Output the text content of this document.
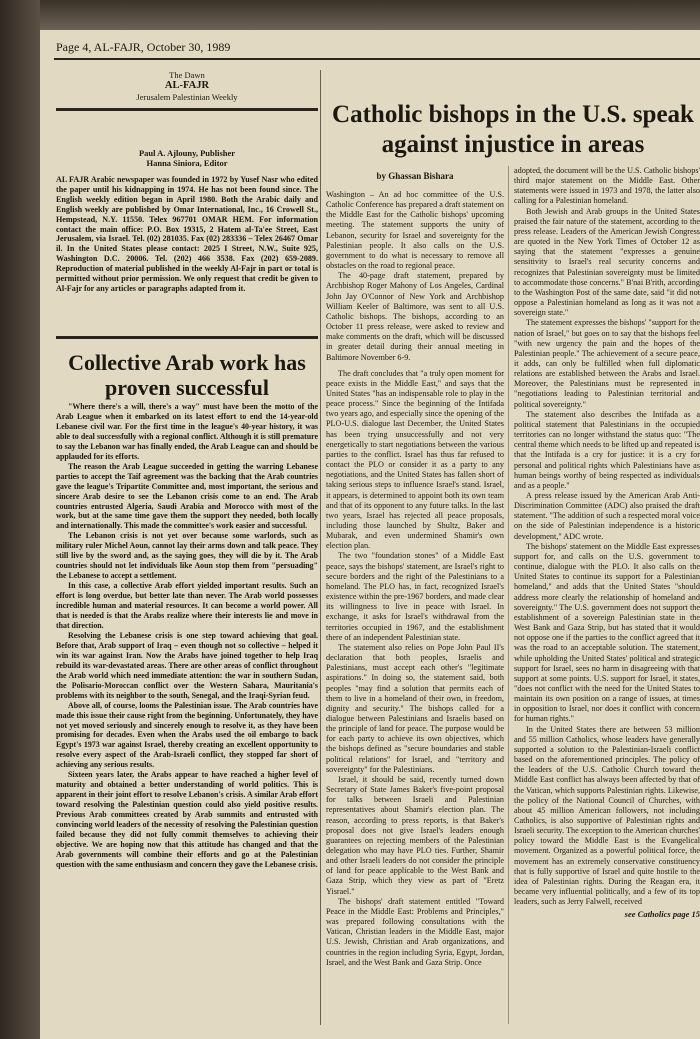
Page 4, AL-FAJR, October 30, 1989
The Dawn
AL-FAJR
Jerusalem Palestinian Weekly
Paul A. Ajlouny, Publisher
Hanna Siniora, Editor
AL FAJR Arabic newspaper was founded in 1972 by Yusef Nasr who edited the paper until his kidnapping in 1974. He has not been found since. The English weekly edition began in April 1980. Both the Arabic daily and English weekly are published by Omar International, Inc., 16 Crowell St., Hempstead, N.Y. 11550. Telex 967701 OMAR HEM. For information contact the main office: P.O. Box 19315, 2 Hatem al-Ta'ee Street, East Jerusalem, via Israel. Tel. (02) 281035. Fax (02) 283336 – Telex 26467 Omar il. In the United States please contact: 2025 I Street, N.W., Suite 925, Washington D.C. 20006. Tel. (202) 466 3538. Fax (202) 659-2089. Reproduction of material published in the weekly Al-Fajr in part or total is permitted without prior permission. We only request that credit be given to Al-Fajr for any articles or paragraphs adapted from it.
Collective Arab work has proven successful

"Where there's a will, there's a way" must have been the motto of the Arab League when it embarked on its latest effort to end the 14-year-old Lebanese civil war. For the first time in the league's 40-year history, it was able to deal successfully with a regional conflict. Although it is still premature to say the Lebanon war has finally ended, the Arab League can and should be applauded for its efforts.

The reason the Arab League succeeded in getting the warring Lebanese parties to accept the Taif agreement was the backing that the Arab countries gave the league's Tripartite Committee and, most important, the serious and sincere Arab desire to see the Lebanon crisis come to an end. The Arab countries entrusted Algeria, Saudi Arabia and Morocco with most of the work, but at the same time gave them the support they needed, both locally and internationally. This made the committee's work easier and successful.

The Lebanon crisis is not yet over because some warlords, such as military ruler Michel Aoun, cannot lay their arms down and talk peace. They still live by the sword and, as the saying goes, they will die by it. The Arab countries should not let individuals like Aoun stop them from "persuading" the Lebanese to accept a settlement.

In this case, a collective Arab effort yielded important results. Such an effort is long overdue, but better late than never. The Arab world possesses incredible human and material resources. It can become a world power. All that is needed is that the Arabs realize where their interests lie and move in that direction.

Resolving the Lebanese crisis is one step toward achieving that goal. Before that, Arab support of Iraq – even though not so collective – helped it win its war against Iran. Now the Arabs have joined together to help Iraq rebuild its war-devastated areas. There are other areas of conflict throughout the Arab world which need immediate attention: the war in southern Sudan, the Polisario-Moroccan conflict over the Western Sahara, Mauritania's problems with its neighbor to the south, Senegal, and the Iraqi-Syrian feud.

Above all, of course, looms the Palestinian issue. The Arab countries have made this issue their cause right from the beginning. Unfortunately, they have not yet moved seriously and sincerely enough to resolve it, as they have been promising for decades. Even when the Arabs used the oil embargo to back Egypt's 1973 war against Israel, thereby creating an excellent opportunity to resolve every aspect of the Arab-Israeli conflict, they stopped far short of achieving any serious results.

Sixteen years later, the Arabs appear to have reached a higher level of maturity and obtained a better understanding of world politics. This is apparent in their joint effort to resolve Lebanon's crisis. A similar Arab effort toward resolving the Palestinian question could also yield positive results. Previous Arab committees created by Arab summits and entrusted with convincing world leaders of the necessity of resolving the Palestinian question failed because they did not fully commit themselves to achieving their objective. We are hoping now that this attitude has changed and that the Arab governments will combine their efforts and go at the Palestinian question with the same enthusiasm and concern they gave the Lebanese crisis.

Catholic bishops in the U.S. speak against injustice in areas
by Ghassan Bishara

Washington – An ad hoc committee of the U.S. Catholic Conference has prepared a draft statement on the Middle East for the Catholic bishops' upcoming meeting. The statement supports the unity of Lebanon, security for Israel and sovereignty for the Palestinian people. It also calls on the U.S. government to do what is necessary to remove all obstacles on the road to regional peace.

The 40-page draft statement, prepared by Archbishop Roger Mahony of Los Angeles, Cardinal John Jay O'Connor of New York and Archbishop William Keeler of Baltimore, was sent to all U.S. Catholic bishops. The bishops, according to an October 11 press release, were asked to review and make comments on the draft, which will be discussed in greater detail during their annual meeting in Baltimore November 6-9.

The draft concludes that "a truly open moment for peace exists in the Middle East," and says that the United States "has an indispensable role to play in the peace process." Since the beginning of the Intifada two years ago, and especially since the opening of the PLO-U.S. dialogue last December, the United States has been trying unsuccessfully and not very energetically to start negotiations between the various parties to the conflict. Israel has thus far refused to contact the PLO or consider it as a party to any negotiations, and the United States has fallen short of taking serious steps to influence Israel's stand. Israel, it appears, is determined to appoint both its own team and that of its opponent to any future talks. In the last two years, Israel has rejected all peace proposals, including those launched by Shultz, Baker and Mubarak, and even undermined Shamir's own election plan.

The two "foundation stones" of a Middle East peace, says the bishops' statement, are Israel's right to secure borders and the right of the Palestinians to a homeland. The PLO has, in fact, recognized Israel's existence within the pre-1967 borders, and made clear its willingness to live in peace with Israel. In exchange, it asks for Israel's withdrawal from the territories occupied in 1967, and the establishment there of an independent Palestinian state.

The statement also relies on Pope John Paul II's declaration that both peoples, Israelis and Palestinians, must accept each other's "legitimate aspirations." In doing so, the statement said, both peoples "may find a solution that permits each of them to live in a homeland of their own, in freedom, dignity and security." The bishops called for a dialogue between Palestinians and Israelis based on the principle of land for peace. The purpose would be for each party to achieve its own objectives, which the bishops defined as "secure boundaries and stable political relations" for Israel, and "territory and sovereignty" for the Palestinians.

Israel, it should be said, recently turned down Secretary of State James Baker's five-point proposal for talks between Israeli and Palestinian representatives about Shamir's election plan. The reason, according to press reports, is that Baker's proposal does not give Israel's leaders enough guarantees on rejecting members of the Palestinian delegation who may have PLO ties. Further, Shamir and other Israeli leaders do not consider the principle of land for peace applicable to the West Bank and Gaza Strip, which they view as part of "Eretz Yisrael."

The bishops' draft statement entitled "Toward Peace in the Middle East: Problems and Principles," was prepared following consultations with the Vatican, Christian leaders in the Middle East, major U.S. Jewish, Christian and Arab organizations, and countries in the region including Syria, Egypt, Jordan, Israel, and the West Bank and Gaza Strip. Once

adopted, the document will be the U.S. Catholic bishops' third major statement on the Middle East. Other statements were issued in 1973 and 1978, the latter also calling for a Palestinian homeland.

Both Jewish and Arab groups in the United States praised the fair nature of the statement, according to the press release. Leaders of the American Jewish Congress are quoted in the New York Times of October 12 as saying that the statement "expresses a genuine sensitivity to Israel's real security concerns and recognizes that Palestinian sovereignty must be limited to accommodate those concerns." B'nai B'rith, according to the Washington Post of the same date, said "it did not oppose a Palestinian homeland as long as it was not a sovereign state."

The statement expresses the bishops' "support for the nation of Israel," but goes on to say that the bishops feel "with new urgency the pain and the hopes of the Palestinian people." The achievement of a secure peace, it adds, can only be fulfilled when full diplomatic relations are established between the Arabs and Israel. Moreover, the Palestinians must be represented in "negotiations leading to Palestinian territorial and political sovereignty."

The statement also describes the Intifada as a political statement that Palestinians in the occupied territories can no longer withstand the status quo: "The central theme which needs to be lifted up and repeated is that the Intifada is a cry for justice: it is a cry for personal and political rights which Palestinians have as human beings worthy of being respected as individuals and as a people."

A press release issued by the American Arab Anti-Discrimination Committee (ADC) also praised the draft statement. "The addition of such a respected moral voice on the side of Palestinian independence is a historic development," ADC wrote.

The bishops' statement on the Middle East expresses support for, and calls on the U.S. government to continue, dialogue with the PLO. It also calls on the United States to continue its support for a Palestinian homeland," and adds that the United States "should address more clearly the relationship of homeland and sovereignty." The U.S. government does not support the establishment of a sovereign Palestinian state in the West Bank and Gaza Strip, but has stated that it would not oppose one if the parties to the conflict agreed that it was the road to an acceptable solution. The statement, while upholding the United States' political and strategic support for Israel, sees no harm in disagreeing with that support at some points. U.S. support for Israel, it states, "does not conflict with the need for the United States to maintain its own position on a range of issues, at times in opposition to Israel, nor does it conflict with concern for human rights."

In the United States there are between 53 million and 55 million Catholics, whose leaders have generally supported a solution to the Palestinian-Israeli conflict based on the aforementioned principles. The policy of the leaders of the U.S. Catholic Church toward the Middle East conflict has always been affected by that of the Vatican, which supports Palestinian rights. Likewise, the policy of the National Council of Churches, with about 45 million American followers, not including Catholics, is also supportive of Palestinian rights and Israeli security. The exception to the American churches' policy toward the Middle East is the Evangelical movement. Organized as a powerful political force, the movement has an extremely conservative constituency that is fully supportive of Israel and quite hostile to the idea of Palestinian rights. During the Reagan era, it became very influential politically, and a few of its top leaders, such as Jerry Falwell, received

see Catholics page 15
